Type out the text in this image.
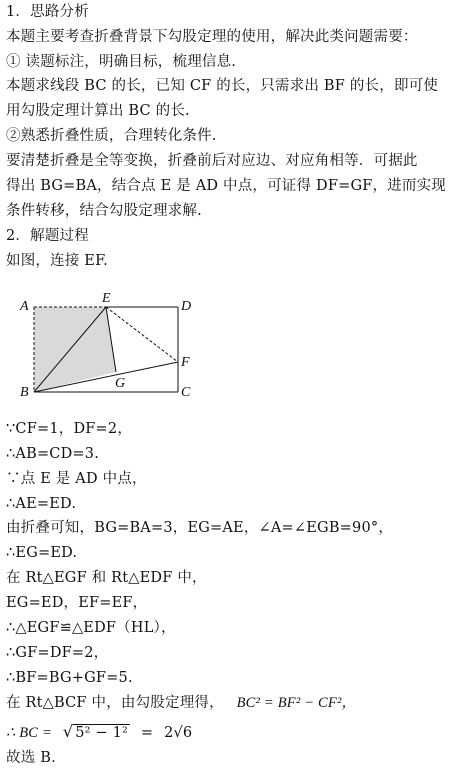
1．思路分析
本题主要考查折叠背景下勾股定理的使用，解决此类问题需要：
① 读题标注，明确目标，梳理信息.
本题求线段 BC 的长，已知 CF 的长，只需求出 BF 的长，即可使
用勾股定理计算出 BC 的长.
②熟悉折叠性质，合理转化条件.
要清楚折叠是全等变换，折叠前后对应边、对应角相等．可据此
得出 BG=BA，结合点 E 是 AD 中点，可证得 DF=GF，进而实现
条件转移，结合勾股定理求解.
2．解题过程
如图，连接 EF.
A
E
D
F
B
G
C
∵CF=1，DF=2，
∴AB=CD=3.
∵点 E 是 AD 中点，
∴AE=ED.
由折叠可知，BG=BA=3，EG=AE，∠A=∠EGB=90°，
∴EG=ED.
在 Rt△EGF 和 Rt△EDF 中，
EG=ED，EF=EF，
∴△EGF≌△EDF（HL），
∴GF=DF=2，
∴BF=BG+GF=5.
在 Rt△BCF 中，由勾股定理得， BC² = BF² − CF²，
∴ BC = √ 5² − 1² = 2√6
故选 B.
